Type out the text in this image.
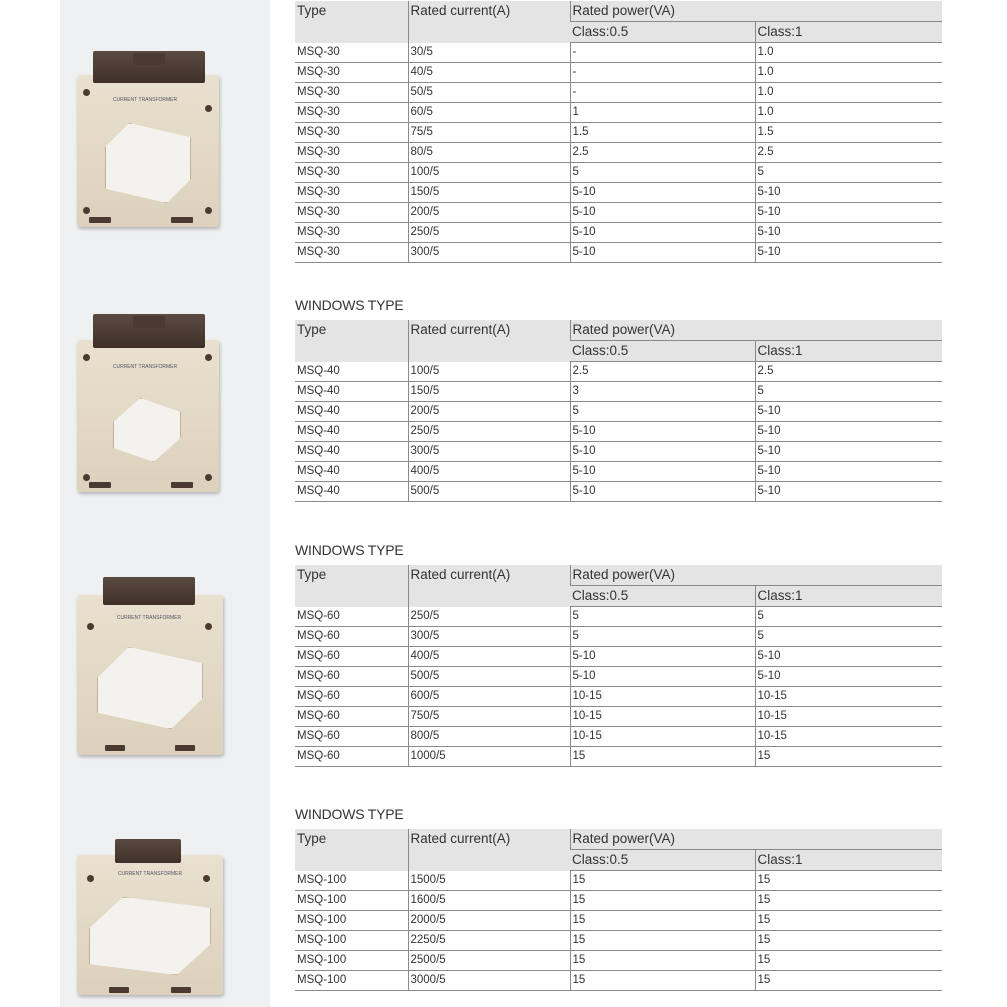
CURRENT TRANSFORMER
CURRENT TRANSFORMER
CURRENT TRANSFORMER
CURRENT TRANSFORMER
Type	Rated current(A)	Rated power(VA)	
		Class:0.5	Class:1
MSQ-30	30/5	-	1.0
MSQ-30	40/5	-	1.0
MSQ-30	50/5	-	1.0
MSQ-30	60/5	1	1.0
MSQ-30	75/5	1.5	1.5
MSQ-30	80/5	2.5	2.5
MSQ-30	100/5	5	5
MSQ-30	150/5	5-10	5-10
MSQ-30	200/5	5-10	5-10
MSQ-30	250/5	5-10	5-10
MSQ-30	300/5	5-10	5-10
WINDOWS TYPE
Type	Rated current(A)	Rated power(VA)	
		Class:0.5	Class:1
MSQ-40	100/5	2.5	2.5
MSQ-40	150/5	3	5
MSQ-40	200/5	5	5-10
MSQ-40	250/5	5-10	5-10
MSQ-40	300/5	5-10	5-10
MSQ-40	400/5	5-10	5-10
MSQ-40	500/5	5-10	5-10
WINDOWS TYPE
Type	Rated current(A)	Rated power(VA)	
		Class:0.5	Class:1
MSQ-60	250/5	5	5
MSQ-60	300/5	5	5
MSQ-60	400/5	5-10	5-10
MSQ-60	500/5	5-10	5-10
MSQ-60	600/5	10-15	10-15
MSQ-60	750/5	10-15	10-15
MSQ-60	800/5	10-15	10-15
MSQ-60	1000/5	15	15
WINDOWS TYPE
Type	Rated current(A)	Rated power(VA)	
		Class:0.5	Class:1
MSQ-100	1500/5	15	15
MSQ-100	1600/5	15	15
MSQ-100	2000/5	15	15
MSQ-100	2250/5	15	15
MSQ-100	2500/5	15	15
MSQ-100	3000/5	15	15
